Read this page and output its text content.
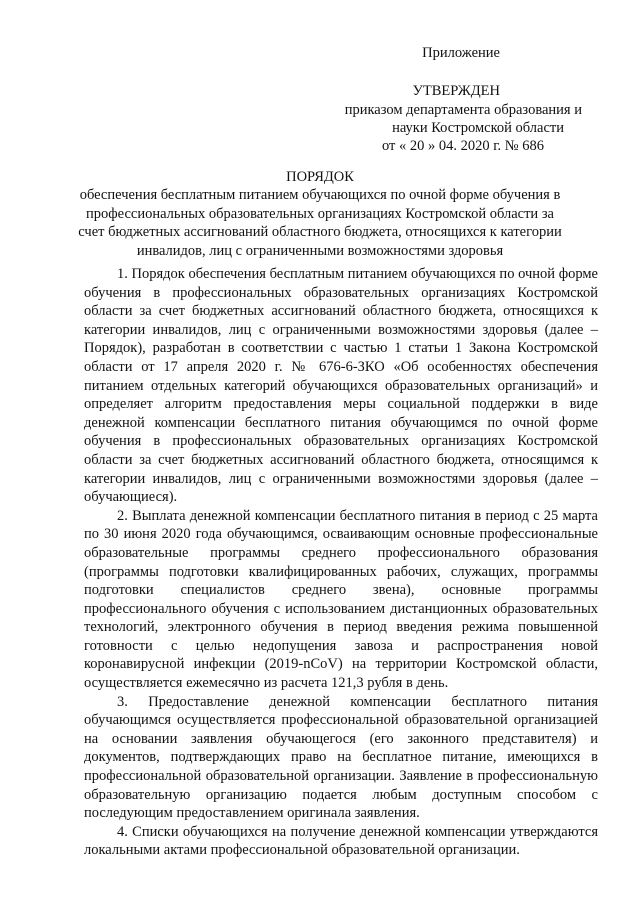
Приложение
УТВЕРЖДЕН
приказом департамента образования и
науки Костромской области
от « 20 » 04. 2020 г. № 686
ПОРЯДОК
обеспечения бесплатным питанием обучающихся по очной форме обучения в
профессиональных образовательных организациях Костромской области за
счет бюджетных ассигнований областного бюджета, относящихся к категории
инвалидов, лиц с ограниченными возможностями здоровья

1. Порядок обеспечения бесплатным питанием обучающихся по очной форме обучения в профессиональных образовательных организациях Костромской области за счет бюджетных ассигнований областного бюджета, относящихся к категории инвалидов, лиц с ограниченными возможностями здоровья (далее – Порядок), разработан в соответствии с частью 1 статьи 1 Закона Костромской области от 17 апреля 2020 г. № 676-6-ЗКО «Об особенностях обеспечения питанием отдельных категорий обучающихся образовательных организаций» и определяет алгоритм предоставления меры социальной поддержки в виде денежной компенсации бесплатного питания обучающимся по очной форме обучения в профессиональных образовательных организациях Костромской области за счет бюджетных ассигнований областного бюджета, относящимся к категории инвалидов, лиц с ограниченными возможностями здоровья (далее – обучающиеся).

2. Выплата денежной компенсации бесплатного питания в период с 25 марта по 30 июня 2020 года обучающимся, осваивающим основные профессиональные образовательные программы среднего профессионального образования (программы подготовки квалифицированных рабочих, служащих, программы подготовки специалистов среднего звена), основные программы профессионального обучения с использованием дистанционных образовательных технологий, электронного обучения в период введения режима повышенной готовности с целью недопущения завоза и распространения новой коронавирусной инфекции (2019-nCoV) на территории Костромской области, осуществляется ежемесячно из расчета 121,3 рубля в день.

3. Предоставление денежной компенсации бесплатного питания обучающимся осуществляется профессиональной образовательной организацией на основании заявления обучающегося (его законного представителя) и документов, подтверждающих право на бесплатное питание, имеющихся в профессиональной образовательной организации. Заявление в профессиональную образовательную организацию подается любым доступным способом с последующим предоставлением оригинала заявления.

4. Списки обучающихся на получение денежной компенсации утверждаются локальными актами профессиональной образовательной организации.
